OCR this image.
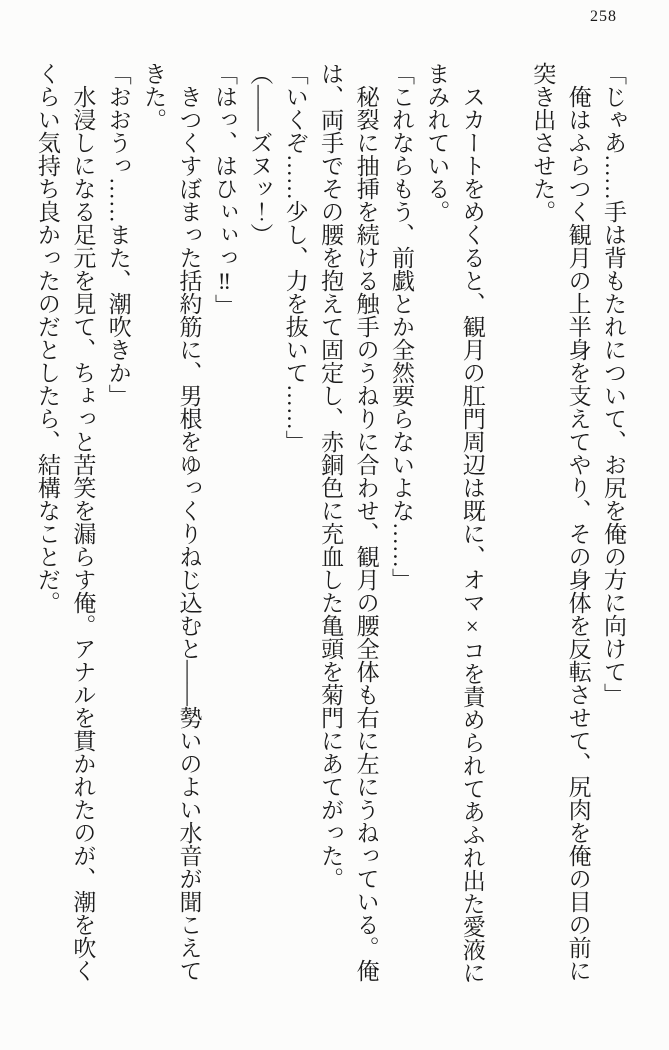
258

「じゃあ……手は背もたれについて、お尻を俺の方に向けて」

俺はふらつく観月の上半身を支えてやり、その身体を反転させて、尻肉を俺の目の前に

突き出させた。

スカートをめくると、観月の肛門周辺は既に、オマ×コを責められてあふれ出た愛液に

まみれている。

「これならもう、前戯とか全然要らないよな……」

秘裂に抽挿を続ける触手のうねりに合わせ、観月の腰全体も右に左にうねっている。俺

は、両手でその腰を抱えて固定し、赤銅色に充血した亀頭を菊門にあてがった。

「いくぞ……少し、力を抜いて……」

（——ズヌッ！）

「はっ、はひぃぃっ‼」

きつくすぼまった括約筋に、男根をゆっくりねじ込むと——勢いのよい水音が聞こえて

きた。

「おおうっ……また、潮吹きか」

水浸しになる足元を見て、ちょっと苦笑を漏らす俺。アナルを貫かれたのが、潮を吹く

くらい気持ち良かったのだとしたら、結構なことだ。
